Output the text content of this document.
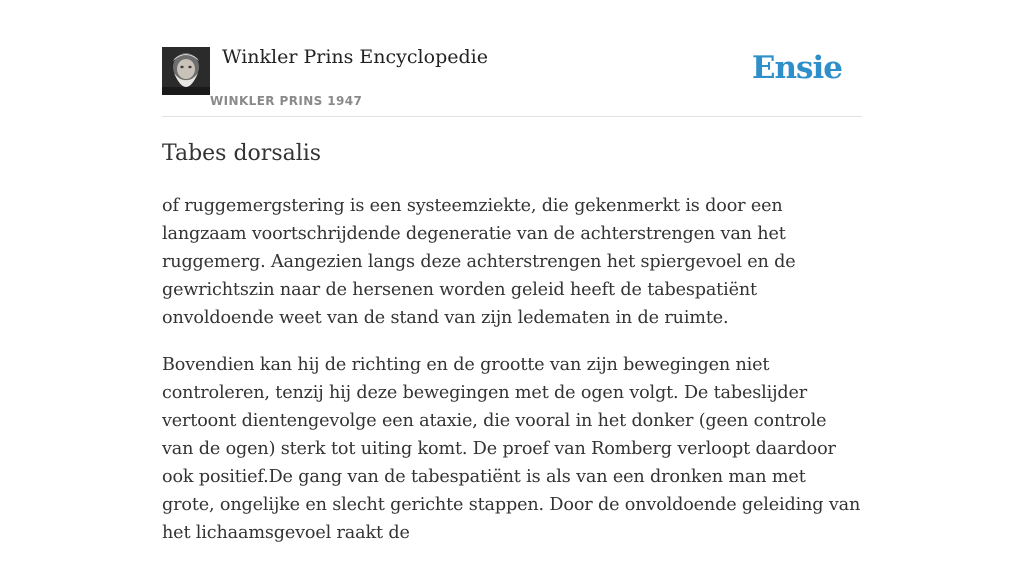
Winkler Prins Encyclopedie
WINKLER PRINS 1947
Ensie
Tabes dorsalis

of ruggemergstering is een systeemziekte, die gekenmerkt is door een langzaam voortschrijdende degeneratie van de achterstrengen van het ruggemerg. Aangezien langs deze achterstrengen het spiergevoel en de gewrichtszin naar de hersenen worden geleid heeft de tabespatiënt onvoldoende weet van de stand van zijn ledematen in de ruimte.

Bovendien kan hij de richting en de grootte van zijn bewegingen niet controleren, tenzij hij deze bewegingen met de ogen volgt. De tabeslijder vertoont dientengevolge een ataxie, die vooral in het donker (geen controle van de ogen) sterk tot uiting komt. De proef van Romberg verloopt daardoor ook positief.De gang van de tabespatiënt is als van een dronken man met grote, ongelijke en slecht gerichte stappen. Door de onvoldoende geleiding van het lichaamsgevoel raakt de
